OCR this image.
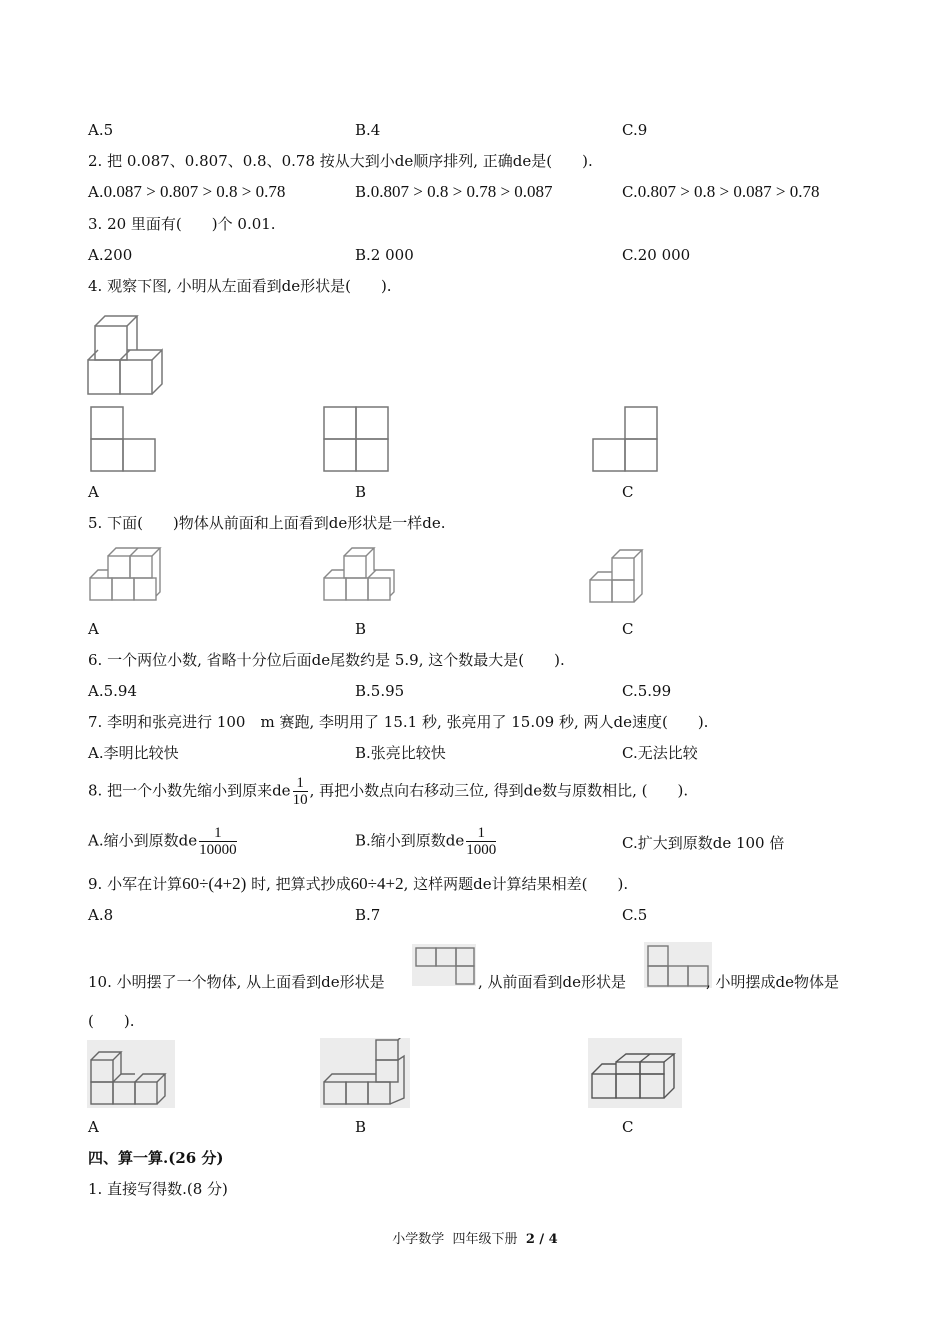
A.5	B.4	C.9
2. 把 0.087、0.807、0.8、0.78 按从大到小de顺序排列, 正确de是(　　).
A.0.087 > 0.807 > 0.8 > 0.78	B.0.807 > 0.8 > 0.78 > 0.087	C.0.807 > 0.8 > 0.087 > 0.78
3. 20 里面有(　　)个 0.01.
A.200	B.2 000	C.20 000
4. 观察下图, 小明从左面看到de形状是(　　).
A	B	C
5. 下面(　　)物体从前面和上面看到de形状是一样de.
A	B	C
6. 一个两位小数, 省略十分位后面de尾数约是 5.9, 这个数最大是(　　).
A.5.94	B.5.95	C.5.99
7. 李明和张亮进行 100　m 赛跑, 李明用了 15.1 秒, 张亮用了 15.09 秒, 两人de速度(　　).
A.李明比较快	B.张亮比较快	C.无法比较
8. 把一个小数先缩小到原来de $\frac{1}{10}$ , 再把小数点向右移动三位, 得到de数与原数相比, (　　).
A.缩小到原数de $\frac{1}{10000}$	B.缩小到原数de $\frac{1}{1000}$	C.扩大到原数de 100 倍
9. 小军在计算60÷(4+2) 时, 把算式抄成60÷4+2, 这样两题de计算结果相差(　　).
A.8	B.7	C.5
10. 小明摆了一个物体, 从上面看到de形状是	, 从前面看到de形状是	, 小明摆成de物体是
(　　).
A	B	C
四、算一算.(26 分)
1. 直接写得数.(8 分)
小学数学 四年级下册 2 / 4
